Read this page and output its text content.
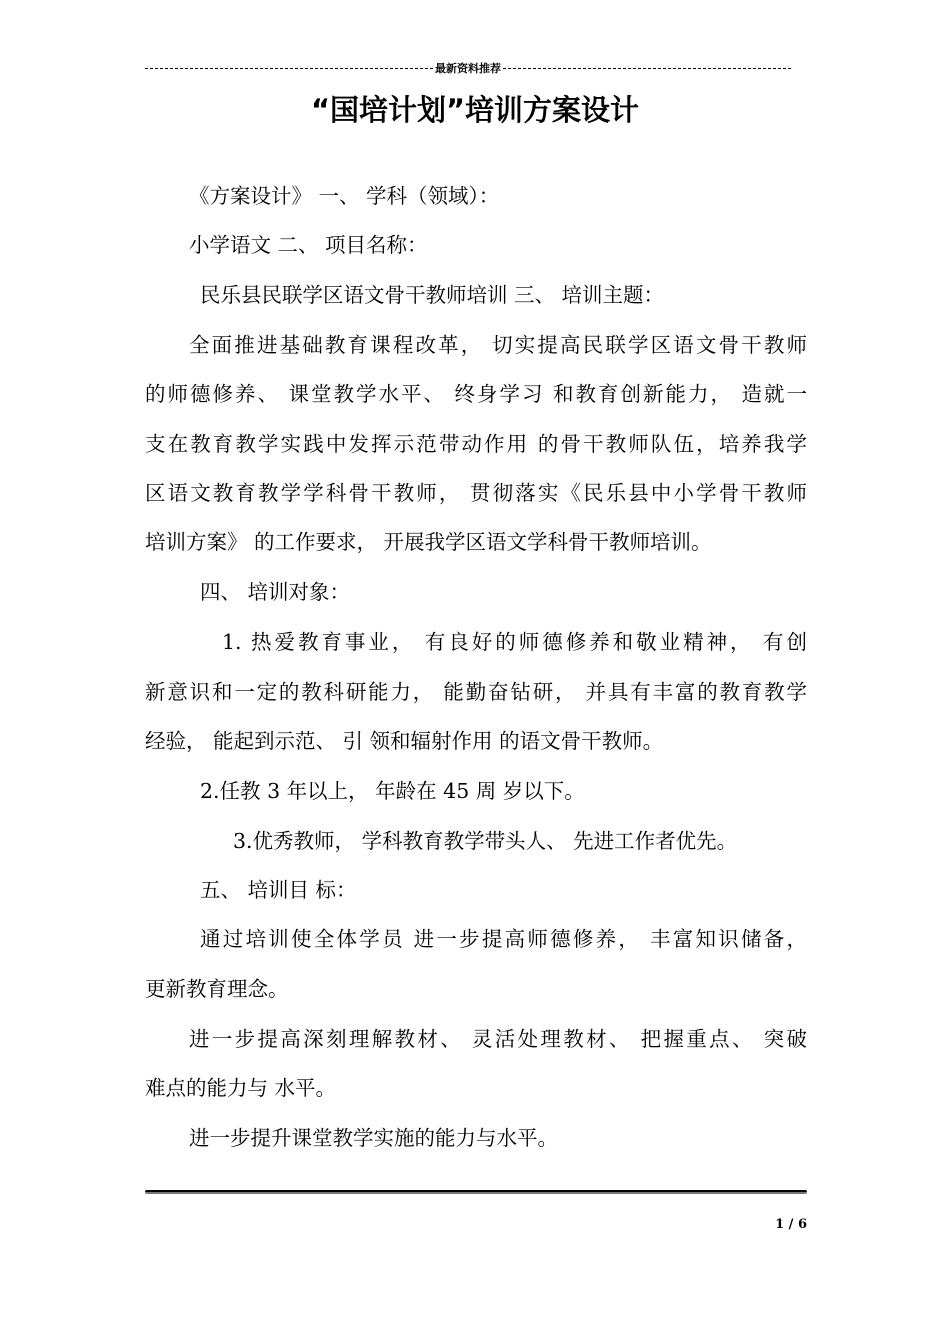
最新资料推荐
“国培计划”培训方案设计
《方案设计》 一、 学科（领域）：
小学语文 二、 项目名称：
民乐县民联学区语文骨干教师培训 三、 培训主题：
全面推进基础教育课程改革， 切实提高民联学区语文骨干教师
的师德修养、 课堂教学水平、 终身学习 和教育创新能力， 造就一
支在教育教学实践中发挥示范带动作用 的骨干教师队伍，培养我学
区语文教育教学学科骨干教师， 贯彻落实《民乐县中小学骨干教师
培训方案》 的工作要求， 开展我学区语文学科骨干教师培训。
四、 培训对象：
1. 热爱教育事业， 有良好的师德修养和敬业精神， 有创
新意识和一定的教科研能力， 能勤奋钻研， 并具有丰富的教育教学
经验， 能起到示范、 引 领和辐射作用 的语文骨干教师。
2.任教 3 年以上， 年龄在 45 周 岁以下。
3.优秀教师， 学科教育教学带头人、 先进工作者优先。
五、 培训目 标：
通过培训使全体学员 进一步提高师德修养， 丰富知识储备，
更新教育理念。
进一步提高深刻理解教材、 灵活处理教材、 把握重点、 突破
难点的能力与 水平。
进一步提升课堂教学实施的能力与水平。
1 / 6
